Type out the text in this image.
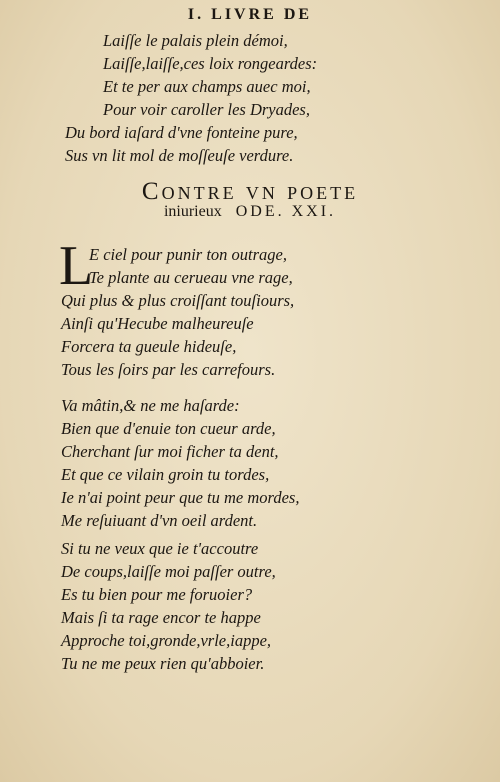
I. LIVRE DE
Laiſſe le palais plein démoi,
Laiſſe,laiſſe,ces loix rongeardes:
Et te per aux champs auec moi,
Pour voir caroller les Dryades,
Du bord iaſard d'vne fonteine pure,
Sus vn lit mol de moſſeuſe verdure.
Contre vn poete
iniurieux ODE. XXI.
L
E ciel pour punir ton outrage,
Te plante au cerueau vne rage,
Qui plus & plus croiſſant touſiours,
Ainſi qu'Hecube malheureuſe
Forcera ta gueule hideuſe,
Tous les ſoirs par les carrefours.
Va mâtin,& ne me haſarde:
Bien que d'enuie ton cueur arde,
Cherchant ſur moi ficher ta dent,
Et que ce vilain groin tu tordes,
Ie n'ai point peur que tu me mordes,
Me reſuiuant d'vn oeil ardent.
Si tu ne veux que ie t'accoutre
De coups,laiſſe moi paſſer outre,
Es tu bien pour me foruoier?
Mais ſi ta rage encor te happe
Approche toi,gronde,vrle,iappe,
Tu ne me peux rien qu'abboier.
